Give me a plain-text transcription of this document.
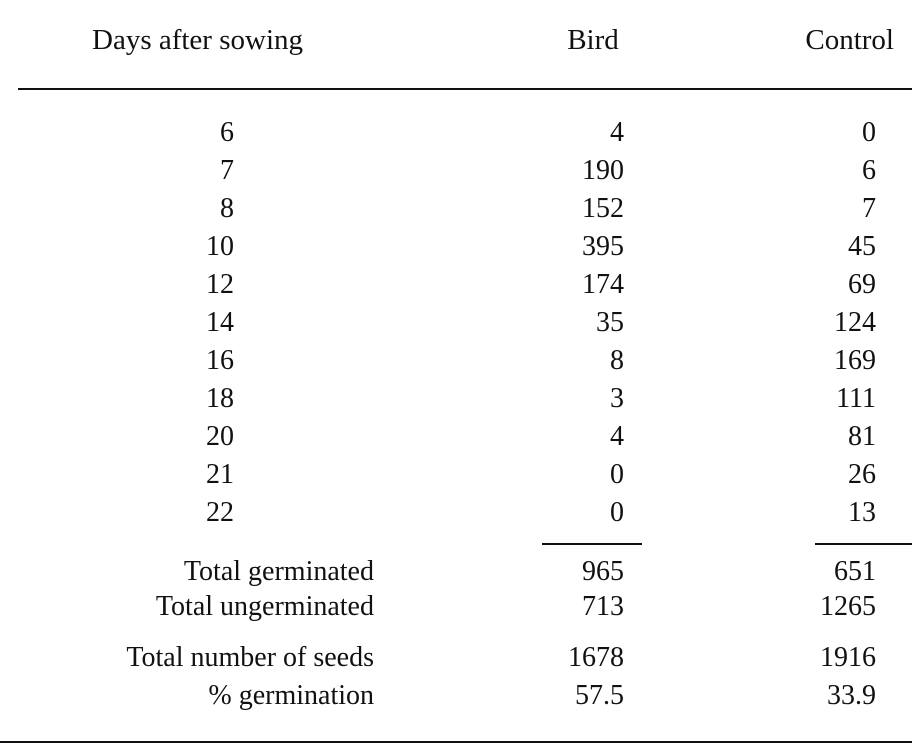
Days after sowing	Bird	Control
6	4	0
7	190	6
8	152	7
10	395	45
12	174	69
14	35	124
16	8	169
18	3	111
20	4	81
21	0	26
22	0	13
Total germinated	965	651
Total ungerminated	713	1265
Total number of seeds	1678	1916
% germination	57.5	33.9
